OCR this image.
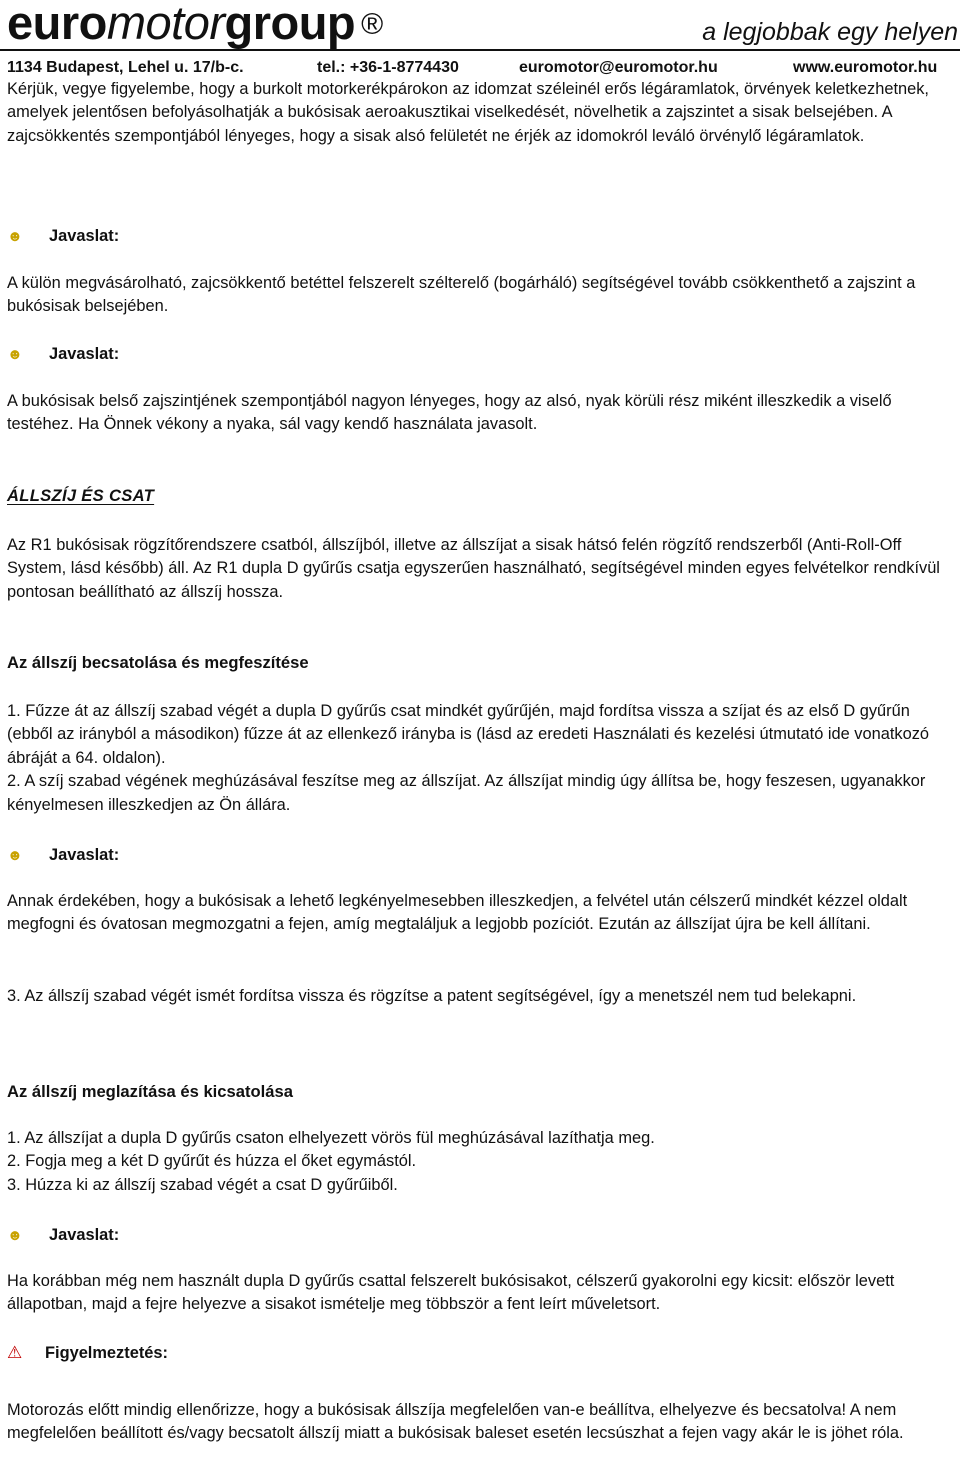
euromotorgroup ®	a legjobbak egy helyen
1134 Budapest, Lehel u. 17/b-c.	tel.: +36-1-8774430	euromotor@euromotor.hu	www.euromotor.hu

Kérjük, vegye figyelembe, hogy a burkolt motorkerékpárokon az idomzat széleinél erős légáramlatok, örvények keletkezhetnek, amelyek jelentősen befolyásolhatják a bukósisak aeroakusztikai viselkedését, növelhetik a zajszintet a sisak belsejében. A zajcsökkentés szempontjából lényeges, hogy a sisak alsó felületét ne érjék az idomokról leváló örvénylő légáramlatok.

☻ Javaslat:

A külön megvásárolható, zajcsökkentő betéttel felszerelt szélterelő (bogárháló) segítségével tovább csökkenthető a zajszint a bukósisak belsejében.

☻ Javaslat:

A bukósisak belső zajszintjének szempontjából nagyon lényeges, hogy az alsó, nyak körüli rész miként illeszkedik a viselő testéhez. Ha Önnek vékony a nyaka, sál vagy kendő használata javasolt.

ÁLLSZÍJ ÉS CSAT

Az R1 bukósisak rögzítőrendszere csatból, állszíjból, illetve az állszíjat a sisak hátsó felén rögzítő rendszerből (Anti-Roll-Off System, lásd később) áll. Az R1 dupla D gyűrűs csatja egyszerűen használható, segítségével minden egyes felvételkor rendkívül pontosan beállítható az állszíj hossza.

Az állszíj becsatolása és megfeszítése

1. Fűzze át az állszíj szabad végét a dupla D gyűrűs csat mindkét gyűrűjén, majd fordítsa vissza a szíjat és az első D gyűrűn (ebből az irányból a másodikon) fűzze át az ellenkező irányba is (lásd az eredeti Használati és kezelési útmutató ide vonatkozó ábráját a 64. oldalon).
2. A szíj szabad végének meghúzásával feszítse meg az állszíjat. Az állszíjat mindig úgy állítsa be, hogy feszesen, ugyanakkor kényelmesen illeszkedjen az Ön állára.

☻ Javaslat:

Annak érdekében, hogy a bukósisak a lehető legkényelmesebben illeszkedjen, a felvétel után célszerű mindkét kézzel oldalt megfogni és óvatosan megmozgatni a fejen, amíg megtaláljuk a legjobb pozíciót. Ezután az állszíjat újra be kell állítani.

3. Az állszíj szabad végét ismét fordítsa vissza és rögzítse a patent segítségével, így a menetszél nem tud belekapni.

Az állszíj meglazítása és kicsatolása

1. Az állszíjat a dupla D gyűrűs csaton elhelyezett vörös fül meghúzásával lazíthatja meg.
2. Fogja meg a két D gyűrűt és húzza el őket egymástól.
3. Húzza ki az állszíj szabad végét a csat D gyűrűiből.

☻ Javaslat:

Ha korábban még nem használt dupla D gyűrűs csattal felszerelt bukósisakot, célszerű gyakorolni egy kicsit: először levett állapotban, majd a fejre helyezve a sisakot ismételje meg többször a fent leírt műveletsort.

⚠ Figyelmeztetés:

Motorozás előtt mindig ellenőrizze, hogy a bukósisak állszíja megfelelően van-e beállítva, elhelyezve és becsatolva! A nem megfelelően beállított és/vagy becsatolt állszíj miatt a bukósisak baleset esetén lecsúszhat a fejen vagy akár le is jöhet róla.
